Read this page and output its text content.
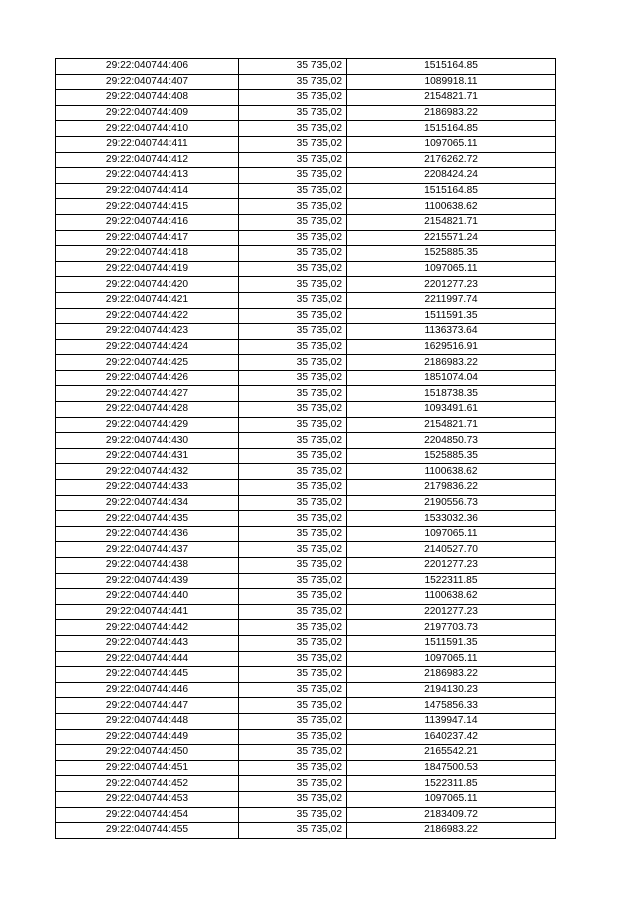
29:22:040744:406	35 735,02	1515164.85
29:22:040744:407	35 735,02	1089918.11
29:22:040744:408	35 735,02	2154821.71
29:22:040744:409	35 735,02	2186983.22
29:22:040744:410	35 735,02	1515164.85
29:22:040744:411	35 735,02	1097065.11
29:22:040744:412	35 735,02	2176262.72
29:22:040744:413	35 735,02	2208424.24
29:22:040744:414	35 735,02	1515164.85
29:22:040744:415	35 735,02	1100638.62
29:22:040744:416	35 735,02	2154821.71
29:22:040744:417	35 735,02	2215571.24
29:22:040744:418	35 735,02	1525885.35
29:22:040744:419	35 735,02	1097065.11
29:22:040744:420	35 735,02	2201277.23
29:22:040744:421	35 735,02	2211997.74
29:22:040744:422	35 735,02	1511591.35
29:22:040744:423	35 735,02	1136373.64
29:22:040744:424	35 735,02	1629516.91
29:22:040744:425	35 735,02	2186983.22
29:22:040744:426	35 735,02	1851074.04
29:22:040744:427	35 735,02	1518738.35
29:22:040744:428	35 735,02	1093491.61
29:22:040744:429	35 735,02	2154821.71
29:22:040744:430	35 735,02	2204850.73
29:22:040744:431	35 735,02	1525885.35
29:22:040744:432	35 735,02	1100638.62
29:22:040744:433	35 735,02	2179836.22
29:22:040744:434	35 735,02	2190556.73
29:22:040744:435	35 735,02	1533032.36
29:22:040744:436	35 735,02	1097065.11
29:22:040744:437	35 735,02	2140527.70
29:22:040744:438	35 735,02	2201277.23
29:22:040744:439	35 735,02	1522311.85
29:22:040744:440	35 735,02	1100638.62
29:22:040744:441	35 735,02	2201277.23
29:22:040744:442	35 735,02	2197703.73
29:22:040744:443	35 735,02	1511591.35
29:22:040744:444	35 735,02	1097065.11
29:22:040744:445	35 735,02	2186983.22
29:22:040744:446	35 735,02	2194130.23
29:22:040744:447	35 735,02	1475856.33
29:22:040744:448	35 735,02	1139947.14
29:22:040744:449	35 735,02	1640237.42
29:22:040744:450	35 735,02	2165542.21
29:22:040744:451	35 735,02	1847500.53
29:22:040744:452	35 735,02	1522311.85
29:22:040744:453	35 735,02	1097065.11
29:22:040744:454	35 735,02	2183409.72
29:22:040744:455	35 735,02	2186983.22
